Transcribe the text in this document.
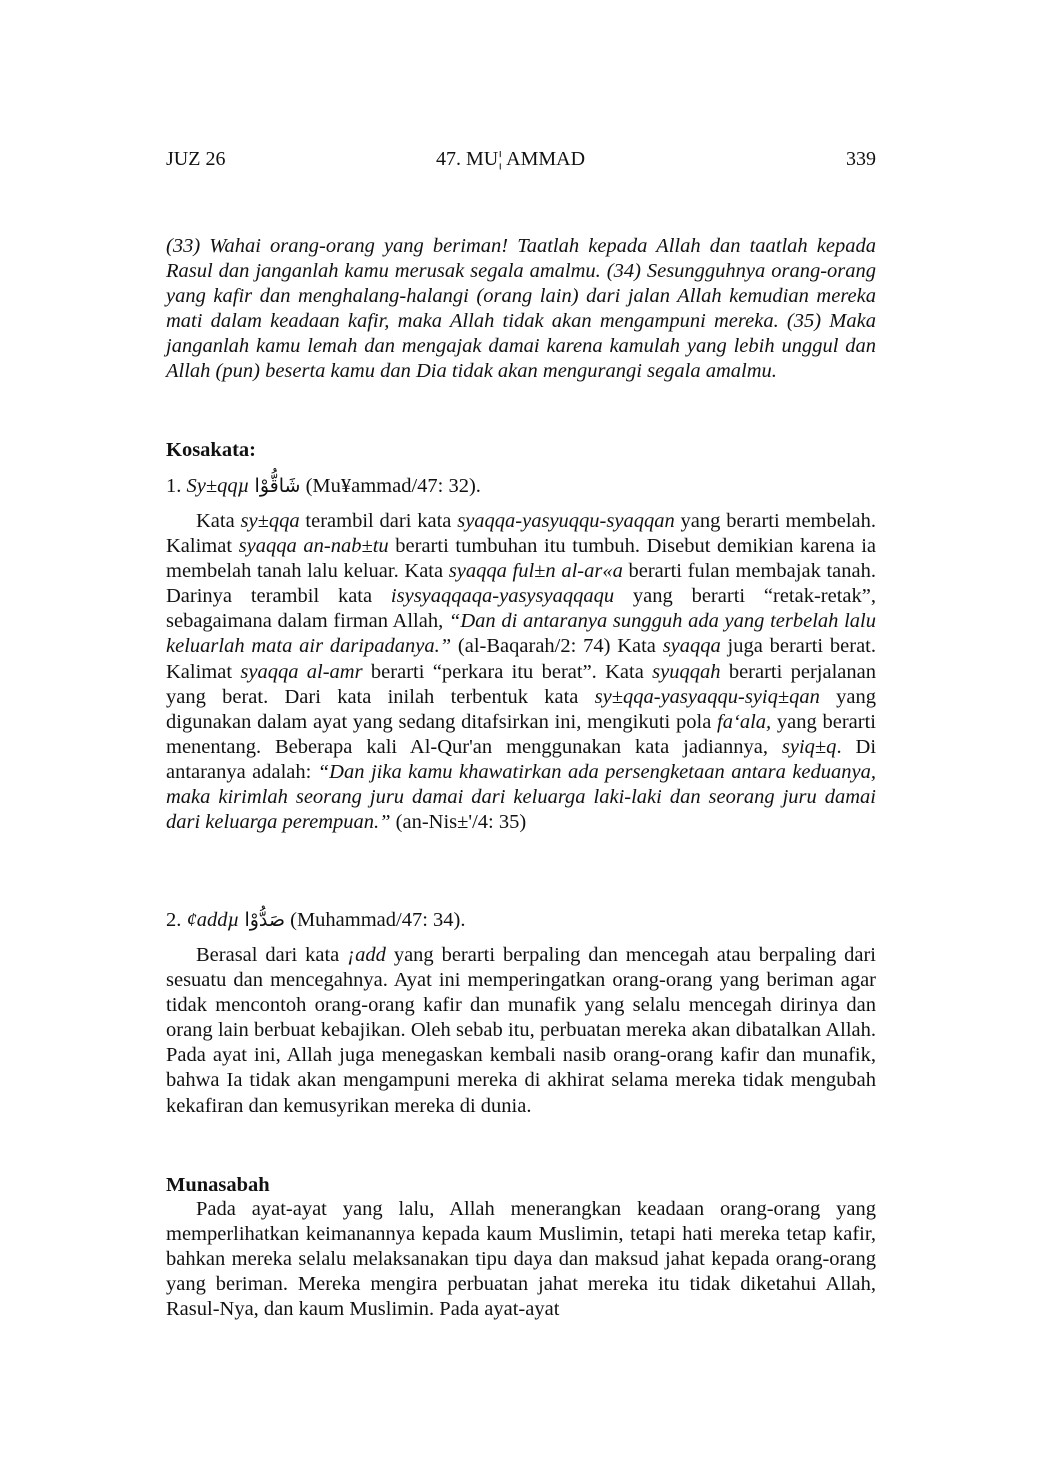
JUZ 26	47. MU¦ AMMAD	339
(33) Wahai orang-orang yang beriman! Taatlah kepada Allah dan taatlah kepada Rasul dan janganlah kamu merusak segala amalmu. (34) Sesungguhnya orang-orang yang kafir dan menghalang-halangi (orang lain) dari jalan Allah kemudian mereka mati dalam keadaan kafir, maka Allah tidak akan mengampuni mereka. (35) Maka janganlah kamu lemah dan mengajak damai karena kamulah yang lebih unggul dan Allah (pun) beserta kamu dan Dia tidak akan mengurangi segala amalmu.
Kosakata:
1. Sy±qqµ شَاقُّوْا (Mu¥ammad/47: 32).
Kata sy±qqa terambil dari kata syaqqa-yasyuqqu-syaqqan yang berarti membelah. Kalimat syaqqa an-nab±tu berarti tumbuhan itu tumbuh. Disebut demikian karena ia membelah tanah lalu keluar. Kata syaqqa ful±n al-ar«a berarti fulan membajak tanah. Darinya terambil kata isysyaqqaqa-yasysyaqqaqu yang berarti “retak-retak”, sebagaimana dalam firman Allah, “Dan di antaranya sungguh ada yang terbelah lalu keluarlah mata air daripadanya.” (al-Baqarah/2: 74) Kata syaqqa juga berarti berat. Kalimat syaqqa al-amr berarti “perkara itu berat”. Kata syuqqah berarti perjalanan yang berat. Dari kata inilah terbentuk kata sy±qqa-yasyaqqu-syiq±qan yang digunakan dalam ayat yang sedang ditafsirkan ini, mengikuti pola fa‘ala, yang berarti menentang. Beberapa kali Al-Qur'an menggunakan kata jadiannya, syiq±q. Di antaranya adalah: “Dan jika kamu khawatirkan ada persengketaan antara keduanya, maka kirimlah seorang juru damai dari keluarga laki-laki dan seorang juru damai dari keluarga perempuan.” (an-Nis±'/4: 35)
2. ¢addµ صَدُّوْا (Muhammad/47: 34).
Berasal dari kata ¡add yang berarti berpaling dan mencegah atau berpaling dari sesuatu dan mencegahnya. Ayat ini memperingatkan orang-orang yang beriman agar tidak mencontoh orang-orang kafir dan munafik yang selalu mencegah dirinya dan orang lain berbuat kebajikan. Oleh sebab itu, perbuatan mereka akan dibatalkan Allah. Pada ayat ini, Allah juga menegaskan kembali nasib orang-orang kafir dan munafik, bahwa Ia tidak akan mengampuni mereka di akhirat selama mereka tidak mengubah kekafiran dan kemusyrikan mereka di dunia.
Munasabah
Pada ayat-ayat yang lalu, Allah menerangkan keadaan orang-orang yang memperlihatkan keimanannya kepada kaum Muslimin, tetapi hati mereka tetap kafir, bahkan mereka selalu melaksanakan tipu daya dan maksud jahat kepada orang-orang yang beriman. Mereka mengira perbuatan jahat mereka itu tidak diketahui Allah, Rasul-Nya, dan kaum Muslimin. Pada ayat-ayat
